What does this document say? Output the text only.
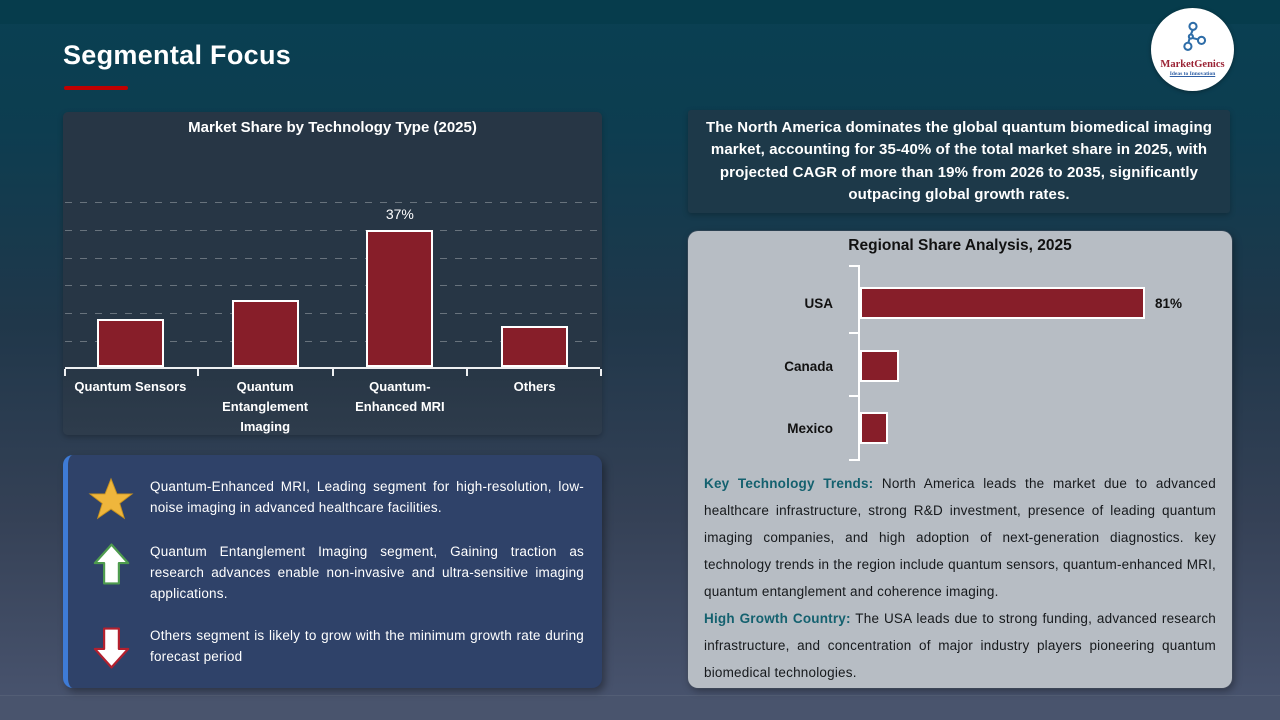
Segmental Focus	MarketGenics
Ideas to Innovation
Market Share by Technology Type (2025)
37%
Quantum Sensors	Quantum Entanglement Imaging
Quantum-Enhanced MRI
Others
Quantum-Enhanced MRI, Leading segment for high-resolution, low-noise imaging in advanced healthcare facilities.
Quantum Entanglement Imaging segment, Gaining traction as research advances enable non-invasive and ultra-sensitive imaging applications.
Others segment is likely to grow with the minimum growth rate during forecast period
The North America dominates the global quantum biomedical imaging market, accounting for 35-40% of the total market share in 2025, with projected CAGR of more than 19% from 2026 to 2035, significantly outpacing global growth rates.
Regional Share Analysis, 2025
USA	81%
Canada
Mexico

Key Technology Trends: North America leads the market due to advanced healthcare infrastructure, strong R&D investment, presence of leading quantum imaging companies, and high adoption of next-generation diagnostics. key technology trends in the region include quantum sensors, quantum-enhanced MRI, quantum entanglement and coherence imaging.

High Growth Country: The USA leads due to strong funding, advanced research infrastructure, and concentration of major industry players pioneering quantum biomedical technologies.
